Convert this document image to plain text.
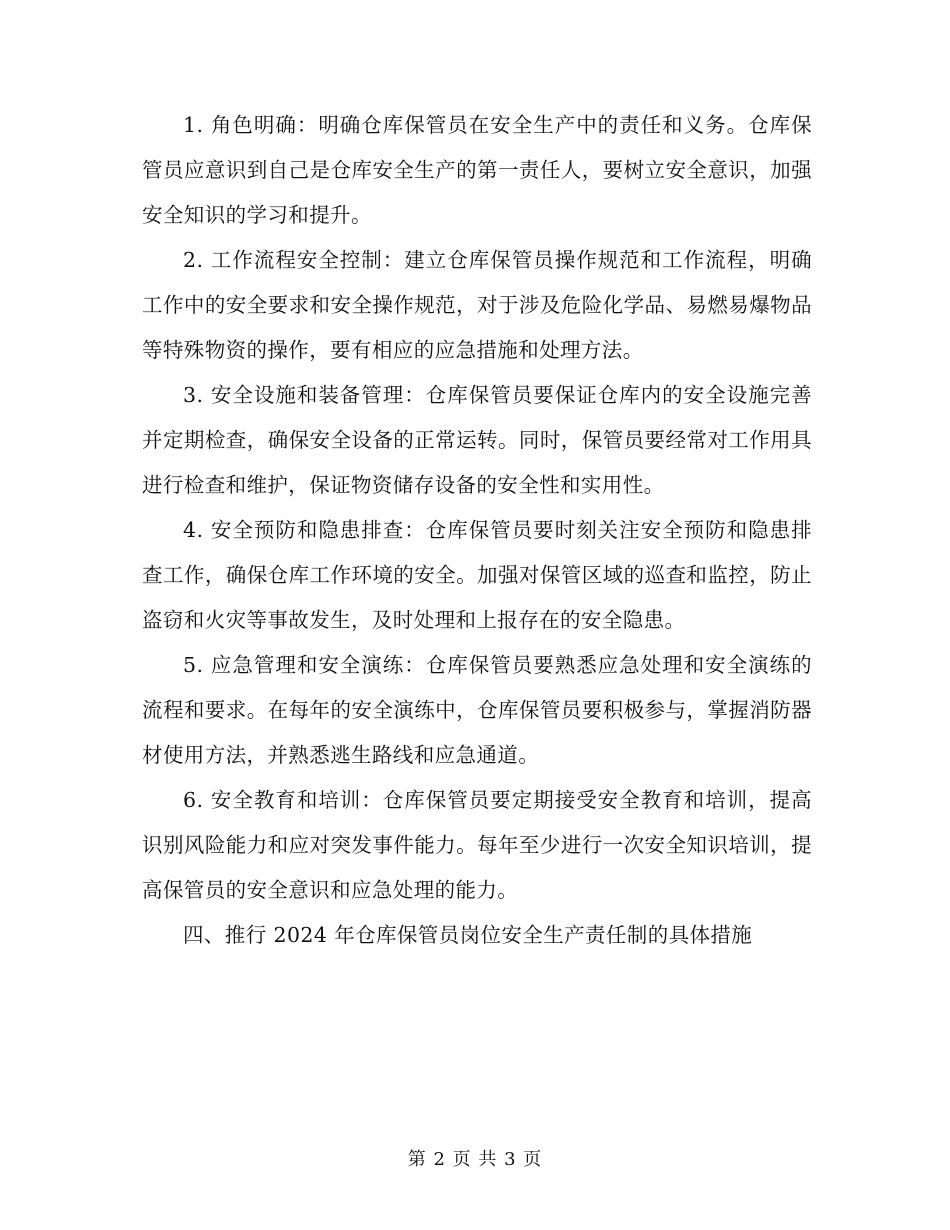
1. 角色明确：明确仓库保管员在安全生产中的责任和义务。仓库保管员应意识到自己是仓库安全生产的第一责任人，要树立安全意识，加强安全知识的学习和提升。

2. 工作流程安全控制：建立仓库保管员操作规范和工作流程，明确工作中的安全要求和安全操作规范，对于涉及危险化学品、易燃易爆物品等特殊物资的操作，要有相应的应急措施和处理方法。

3. 安全设施和装备管理：仓库保管员要保证仓库内的安全设施完善并定期检查，确保安全设备的正常运转。同时，保管员要经常对工作用具进行检查和维护，保证物资储存设备的安全性和实用性。

4. 安全预防和隐患排查：仓库保管员要时刻关注安全预防和隐患排查工作，确保仓库工作环境的安全。加强对保管区域的巡查和监控，防止盗窃和火灾等事故发生，及时处理和上报存在的安全隐患。

5. 应急管理和安全演练：仓库保管员要熟悉应急处理和安全演练的流程和要求。在每年的安全演练中，仓库保管员要积极参与，掌握消防器材使用方法，并熟悉逃生路线和应急通道。

6. 安全教育和培训：仓库保管员要定期接受安全教育和培训，提高识别风险能力和应对突发事件能力。每年至少进行一次安全知识培训，提高保管员的安全意识和应急处理的能力。

四、推行 2024 年仓库保管员岗位安全生产责任制的具体措施

第 2 页 共 3 页
